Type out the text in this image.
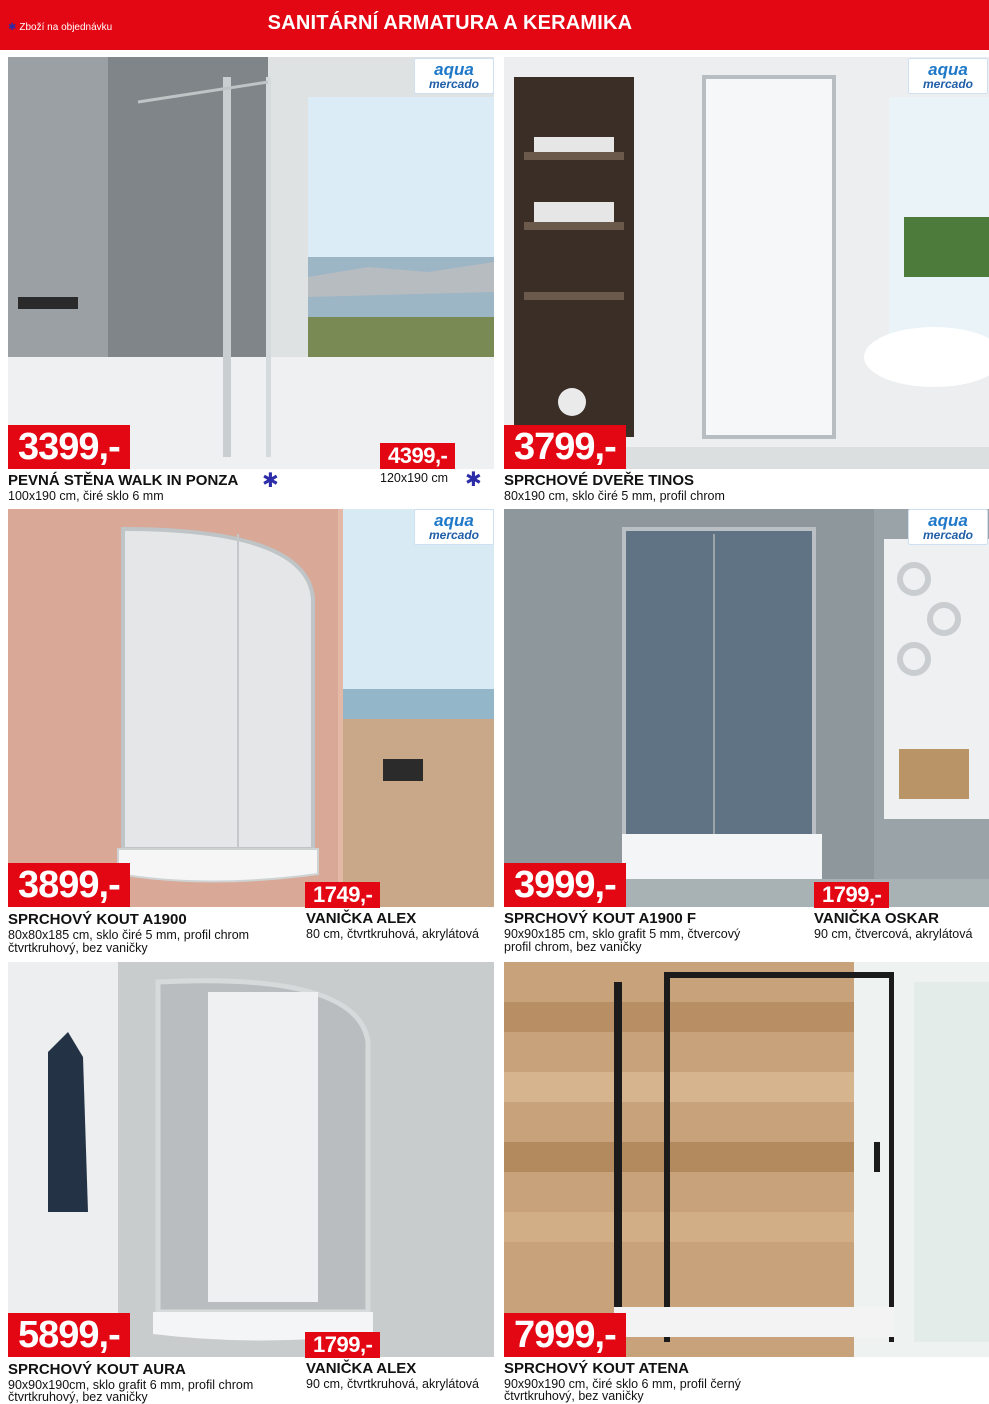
✱ Zboží na objednávku	SANITÁRNÍ ARMATURA A KERAMIKA
aqua
mercado
3399,-	4399,-
PEVNÁ STĚNA WALK IN PONZA ✱
100x190 cm, čiré sklo 6 mm
120x190 cm ✱
aqua
mercado
3799,-
SPRCHOVÉ DVEŘE TINOS
80x190 cm, sklo čiré 5 mm, profil chrom
aqua
mercado
3899,-	1749,-
SPRCHOVÝ KOUT A1900
80x80x185 cm, sklo čiré 5 mm, profil chrom
čtvrtkruhový, bez vaničky
VANIČKA ALEX
80 cm, čtvrtkruhová, akrylátová
aqua
mercado
3999,-	1799,-
SPRCHOVÝ KOUT A1900 F
90x90x185 cm, sklo grafit 5 mm, čtvercový
profil chrom, bez vaničky
VANIČKA OSKAR
90 cm, čtvercová, akrylátová
5899,-	1799,-
SPRCHOVÝ KOUT AURA
90x90x190cm, sklo grafit 6 mm, profil chrom
čtvrtkruhový, bez vaničky
VANIČKA ALEX
90 cm, čtvrtkruhová, akrylátová
7999,-
SPRCHOVÝ KOUT ATENA
90x90x190 cm, čiré sklo 6 mm, profil černý
čtvrtkruhový, bez vaničky
